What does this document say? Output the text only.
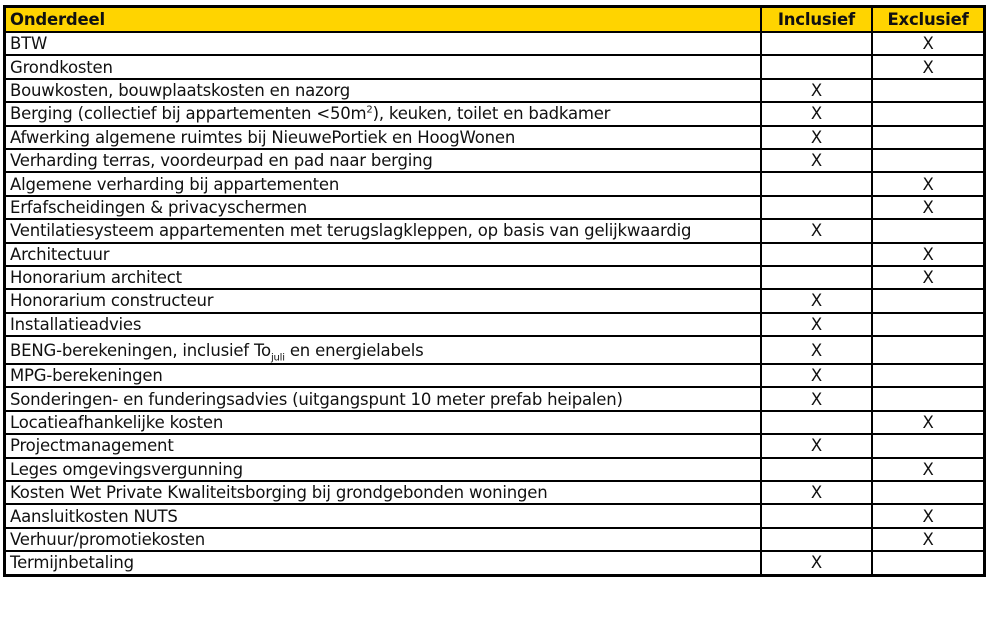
Onderdeel	Inclusief	Exclusief
BTW		X
Grondkosten		X
Bouwkosten, bouwplaatskosten en nazorg	X	
Berging (collectief bij appartementen $<50m^2$), keuken, toilet en badkamer	X	
Afwerking algemene ruimtes bij NieuwePortiek en HoogWonen	X	
Verharding terras, voordeurpad en pad naar berging	X	
Algemene verharding bij appartementen		X
Erfafscheidingen & privacyschermen		X
Ventilatiesysteem appartementen met terugslagkleppen, op basis van gelijkwaardig	X	
Architectuur		X
Honorarium architect		X
Honorarium constructeur	X	
Installatieadvies	X	
BENG-berekeningen, inclusief $To_{juli}$ en energielabels	X	
MPG-berekeningen	X	
Sonderingen- en funderingsadvies (uitgangspunt 10 meter prefab heipalen)	X	
Locatieafhankelijke kosten		X
Projectmanagement	X	
Leges omgevingsvergunning		X
Kosten Wet Private Kwaliteitsborging bij grondgebonden woningen	X	
Aansluitkosten NUTS		X
Verhuur/promotiekosten		X
Termijnbetaling	X	
